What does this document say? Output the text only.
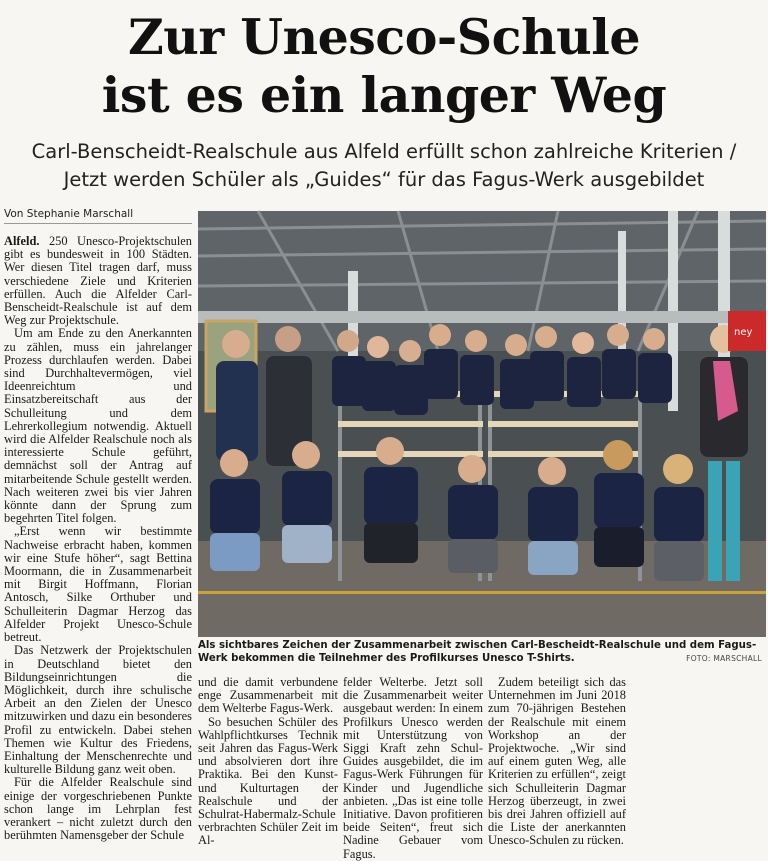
Zur Unesco-Schule
ist es ein langer Weg
Carl-Benscheidt-Realschule aus Alfeld erfüllt schon zahlreiche Kriterien /
Jetzt werden Schüler als „Guides“ für das Fagus-Werk ausgebildet
Von Stephanie Marschall

Alfeld. 250 Unesco-Projektschulen gibt es bundesweit in 100 Städten. Wer diesen Titel tragen darf, muss verschiedene Ziele und Kriterien erfüllen. Auch die Alfelder Carl-Benscheidt-Realschule ist auf dem Weg zur Projektschule.

Um am Ende zu den Anerkannten zu zählen, muss ein jahrelanger Prozess durchlaufen werden. Dabei sind Durchhaltevermögen, viel Ideenreichtum und Einsatzbereitschaft aus der Schulleitung und dem Lehrerkollegium notwendig. Aktuell wird die Alfelder Realschule noch als interessierte Schule geführt, demnächst soll der Antrag auf mitarbeitende Schule gestellt werden. Nach weiteren zwei bis vier Jahren könnte dann der Sprung zum begehrten Titel folgen.

„Erst wenn wir bestimmte Nachweise erbracht haben, kommen wir eine Stufe höher“, sagt Bettina Moormann, die in Zusammenarbeit mit Birgit Hoffmann, Florian Antosch, Silke Orthuber und Schulleiterin Dagmar Herzog das Alfelder Projekt Unesco-Schule betreut.

Das Netzwerk der Projektschulen in Deutschland bietet den Bildungseinrichtungen die Möglichkeit, durch ihre schulische Arbeit an den Zielen der Unesco mitzuwirken und dazu ein besonderes Profil zu entwickeln. Dabei stehen Themen wie Kultur des Friedens, Einhaltung der Menschenrechte und kulturelle Bildung ganz weit oben.

Für die Alfelder Realschule sind einige der vorgeschriebenen Punkte schon lange im Lehrplan fest verankert – nicht zuletzt durch den berühmten Namensgeber der Schule

ney
Als sichtbares Zeichen der Zusammenarbeit zwischen Carl-Bescheidt-Realschule und dem Fagus-Werk bekommen die Teilnehmer des Profilkurses Unesco T-Shirts.	FOTO: MARSCHALL

und die damit verbundene enge Zusammenarbeit mit dem Welterbe Fagus-Werk.

So besuchen Schüler des Wahlpflichtkurses Technik seit Jahren das Fagus-Werk und absolvieren dort ihre Praktika. Bei den Kunst- und Kulturtagen der Realschule und der Schulrat-Habermalz-Schule verbrachten Schüler Zeit im Al-

felder Welterbe. Jetzt soll die Zusammenarbeit weiter ausgebaut werden: In einem Profilkurs Unesco werden mit Unterstützung von Siggi Kraft zehn Schul-Guides ausgebildet, die im Fagus-Werk Führungen für Kinder und Jugendliche anbieten. „Das ist eine tolle Initiative. Davon profitieren beide Seiten“, freut sich Nadine Gebauer vom Fagus.

Zudem beteiligt sich das Unternehmen im Juni 2018 zum 70-jährigen Bestehen der Realschule mit einem Workshop an der Projektwoche. „Wir sind auf einem guten Weg, alle Kriterien zu erfüllen“, zeigt sich Schulleiterin Dagmar Herzog überzeugt, in zwei bis drei Jahren offiziell auf die Liste der anerkannten Unesco-Schulen zu rücken.
